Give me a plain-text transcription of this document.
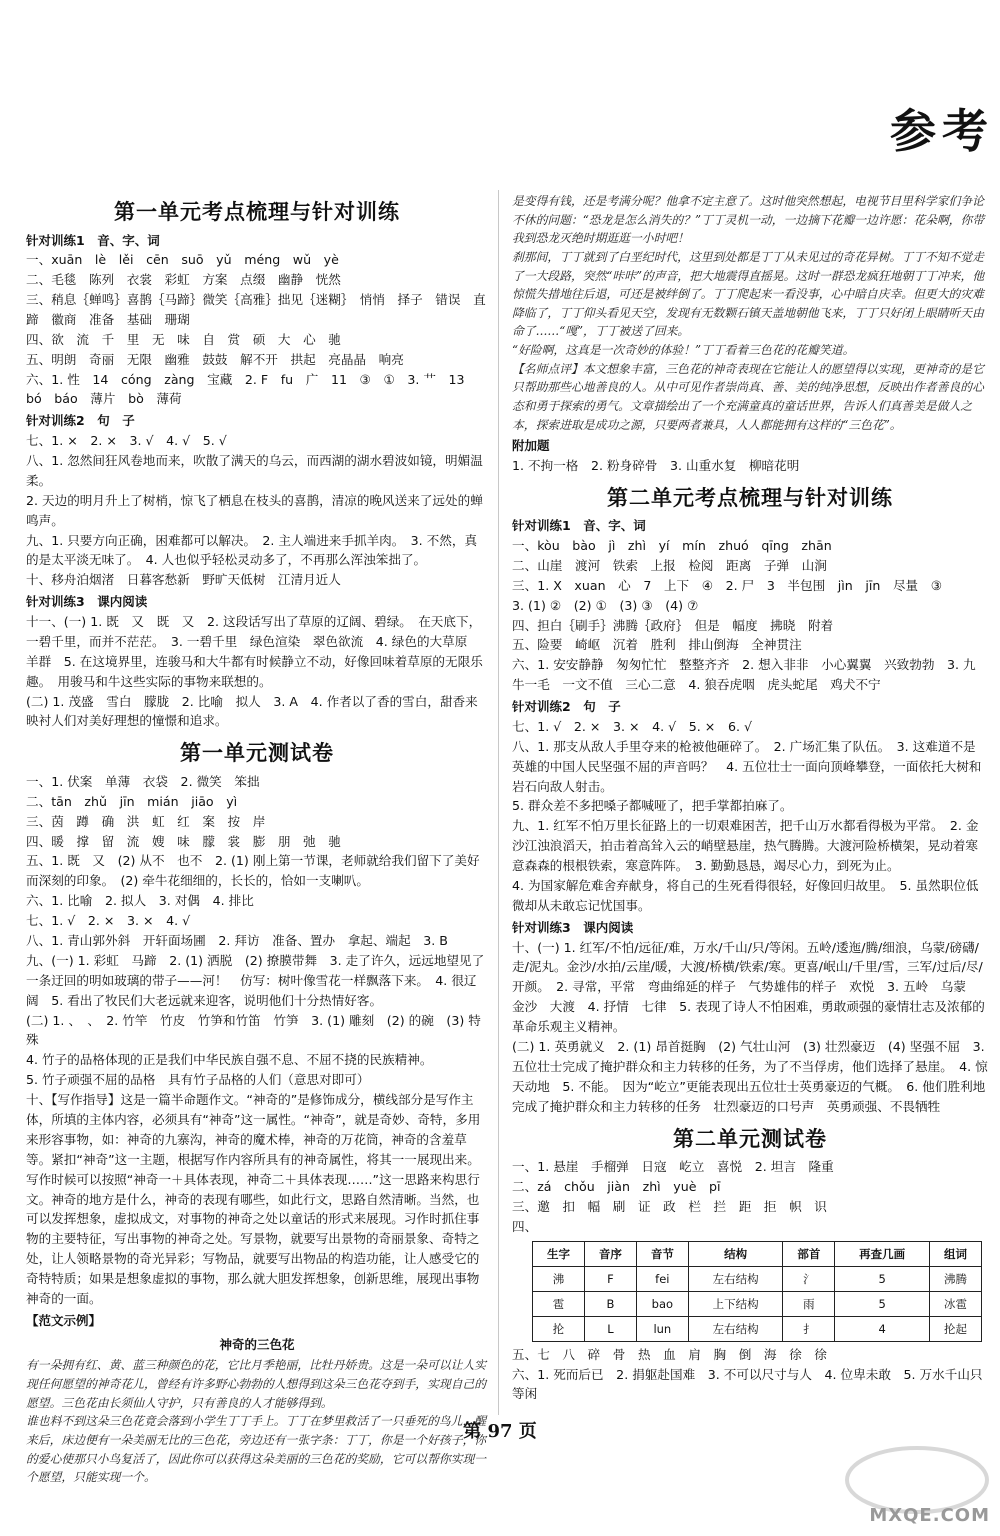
参考
第一单元考点梳理与针对训练
针对训练1　音、字、词
一、xuān　lè　lěi　cēn　suō　yǔ　méng　wǔ　yè
二、毛毯　陈列　衣裳　彩虹　方案　点缀　幽静　恍然
三、稍息｛蝉鸣｝喜鹊｛马蹄｝微笑｛高雅｝拙见｛迷糊｝　悄悄　择子　错误　直蹄　徽商　准备　基础　珊瑚
四、欲　流　千　里　无　味　自　赏　硕　大　心　驰
五、明朗　奇丽　无限　幽雅　鼓鼓　解不开　拱起　亮晶晶　响亮
六、1. 性　14　cóng　zàng　宝藏　2. F　fu　广　11　③　①　3. 艹　13　bó　báo　薄片　bò　薄荷
针对训练2　句　子
七、1. ×　2. ×　3. √　4. √　5. √
八、1. 忽然间狂风卷地而来，吹散了满天的乌云，而西湖的湖水碧波如镜，明媚温柔。
2. 天边的明月升上了树梢，惊飞了栖息在枝头的喜鹊，清凉的晚风送来了远处的蝉鸣声。
九、1. 只要方向正确，困难都可以解决。　2. 主人端进来手抓羊肉。　3. 不然，真的是太平淡无味了。　4. 人也似乎轻松灵动多了，不再那么浑浊笨拙了。
十、移舟泊烟渚　日暮客愁新　野旷天低树　江清月近人
针对训练3　课内阅读
十一、(一) 1. 既　又　既　又　2. 这段话写出了草原的辽阔、碧绿。　在天底下，一碧千里，而并不茫茫。　3. 一碧千里　绿色渲染　翠色欲流　4. 绿色的大草原　羊群　5. 在这境界里，连骏马和大牛都有时候静立不动，好像回味着草原的无限乐趣。　用骏马和牛这些实际的事物来联想的。
(二) 1. 茂盛　雪白　朦胧　2. 比喻　拟人　3. A　4. 作者以了香的雪白，甜香来映衬人们对美好理想的憧憬和追求。
第一单元测试卷
一、1. 伏案　单薄　衣袋　2. 微笑　笨拙
二、tān　zhǔ　jīn　mián　jiāo　yì
三、茵　蹲　确　洪　虹　红　案　按　岸
四、暖　撑　留　流　嫂　味　朦　裳　膨　朋　弛　驰
五、1. 既　又　(2) 从不　也不　2. (1) 刚上第一节课，老师就给我们留下了美好而深刻的印象。　(2) 牵牛花细细的，长长的，恰如一支喇叭。
六、1. 比喻　2. 拟人　3. 对偶　4. 排比
七、1. √　2. ×　3. ×　4. √
八、1. 青山郭外斜　开轩面场圃　2. 拜访　准备、置办　拿起、端起　3. B
九、(一) 1. 彩虹　马蹄　2. (1) 洒脱　(2) 撩膜带舞　3. 走了许久，远远地望见了一条迂回的明如玻璃的带子——河！　仿写：树叶像雪花一样飘落下来。　4. 很辽阔　5. 看出了牧民们大老远就来迎客，说明他们十分热情好客。
(二) 1. 、　、　2. 竹竿　竹皮　竹笋和竹笛　竹笋　3. (1) 雕刻　(2) 的碗　(3) 特殊
4. 竹子的品格体现的正是我们中华民族自强不息、不屈不挠的民族精神。
5. 竹子顽强不屈的品格　具有竹子品格的人们（意思对即可）
十、【写作指导】这是一篇半命题作文。“神奇的”是修饰成分，横线部分是写作主体，所填的主体内容，必须具有“神奇”这一属性。“神奇”，就是奇妙、奇特，多用来形容事物，如：神奇的九寨沟，神奇的魔术棒，神奇的万花筒，神奇的含羞草等。紧扣“神奇”这一主题，根据写作内容所具有的神奇属性，将其一一展现出来。写作时候可以按照“神奇一＋具体表现，神奇二＋具体表现……”这一思路来构思行文。神奇的地方是什么，神奇的表现有哪些，如此行文，思路自然清晰。当然，也可以发挥想象，虚拟成文，对事物的神奇之处以童话的形式来展现。习作时抓住事物的主要特征，写出事物的神奇之处。写景物，就要写出景物的奇丽景象、奇特之处，让人领略景物的奇光异彩；写物品，就要写出物品的构造功能，让人感受它的奇特特质；如果是想象虚拟的事物，那么就大胆发挥想象，创新思维，展现出事物神奇的一面。
【范文示例】
神奇的三色花
有一朵拥有红、黄、蓝三种颜色的花，它比月季艳丽，比牡丹娇贵。这是一朵可以让人实现任何愿望的神奇花儿，曾经有许多野心勃勃的人想得到这朵三色花夺到手，实现自己的愿望。三色花由长须仙人守护，只有善良的人才能够得到。
谁也料不到这朵三色花竟会落到小学生丁丁手上。丁丁在梦里救活了一只垂死的鸟儿，醒来后，床边便有一朵美丽无比的三色花，旁边还有一张字条：丁丁，你是一个好孩子，你的爱心使那只小鸟复活了，因此你可以获得这朵美丽的三色花的奖励，它可以帮你实现一个愿望，只能实现一个。
是变得有钱，还是考满分呢？他拿不定主意了。这时他突然想起，电视节目里科学家们争论不休的问题：“恐龙是怎么消失的？”丁丁灵机一动，一边摘下花瓣一边许愿：花朵啊，你带我到恐龙灭绝时期逛逛一小时吧！
刹那间，丁丁就到了白垩纪时代，这里到处都是丁丁从未见过的奇花异树。丁丁不知不觉走了一大段路，突然“咔咔”的声音，把大地震得直摇晃。这时一群恐龙疯狂地朝丁丁冲来，他惊慌失措地往后退，可还是被绊倒了。丁丁爬起来一看没事，心中暗自庆幸。但更大的灾难降临了，丁丁仰头看见天空，发现有无数颗石镇天盖地朝他飞来，丁丁只好闭上眼睛听天由命了……“嘎”，丁丁被送了回来。
“好险啊，这真是一次奇妙的体验！”丁丁看着三色花的花瓣笑道。
【名师点评】本文想象丰富，三色花的神奇表现在它能让人的愿望得以实现，更神奇的是它只帮助那些心地善良的人。从中可见作者崇尚真、善、美的纯净思想，反映出作者善良的心态和勇于探索的勇气。文章描绘出了一个充满童真的童话世界，告诉人们真善美是做人之本，探索进取是成功之源，只要两者兼具，人人都能拥有这样的“三色花”。
附加题
1. 不拘一格　2. 粉身碎骨　3. 山重水复　柳暗花明
第二单元考点梳理与针对训练
针对训练1　音、字、词
一、kòu　bào　jì　zhì　yí　mín　zhuó　qīng　zhān
二、山崖　渡河　铁索　上报　检阅　距离　子弹　山涧
三、1. X　xuan　心　7　上下　④　2. 尸　3　半包围　jìn　jīn　尽量　③
3. (1) ②　(2) ①　(3) ③　(4) ⑦
四、担白｛刷手｝沸腾｛政府｝　但是　幅度　拂晓　附着
五、险要　崎岖　沉着　胜利　排山倒海　全神贯注
六、1. 安安静静　匆匆忙忙　整整齐齐　2. 想入非非　小心翼翼　兴致勃勃　3. 九牛一毛　一文不值　三心二意　4. 狼吞虎咽　虎头蛇尾　鸡犬不宁
针对训练2　句　子
七、1. √　2. ×　3. ×　4. √　5. ×　6. √
八、1. 那支从敌人手里夺来的枪被他砸碎了。　2. 广场汇集了队伍。　3. 这难道不是英雄的中国人民坚强不屈的声音吗？　4. 五位壮士一面向顶峰攀登，一面依托大树和岩石向敌人射击。
5. 群众差不多把嗓子都喊哑了，把手掌都拍麻了。
九、1. 红军不怕万里长征路上的一切艰难困苦，把千山万水都看得极为平常。　2. 金沙江浊浪滔天，拍击着高耸入云的峭壁悬崖，热气腾腾。大渡河险桥横架，晃动着寒意森森的根根铁索，寒意阵阵。　3. 勤勤恳恳，竭尽心力，到死为止。
4. 为国家解危难舍弃献身，将自己的生死看得很轻，好像回归故里。　5. 虽然职位低微却从未敢忘记忧国事。
针对训练3　课内阅读
十、(一) 1. 红军/不怕/远征/难，万水/千山/只/等闲。五岭/逶迤/腾/细浪，乌蒙/磅礴/走/泥丸。金沙/水拍/云崖/暖，大渡/桥横/铁索/寒。更喜/岷山/千里/雪，三军/过后/尽/开颜。　2. 寻常，平常　弯曲绵延的样子　气势雄伟的样子　欢悦　3. 五岭　乌蒙　金沙　大渡　4. 抒情　七律　5. 表现了诗人不怕困难，勇敢顽强的豪情壮志及浓郁的革命乐观主义精神。
(二) 1. 英勇就义　2. (1) 昂首挺胸　(2) 气壮山河　(3) 壮烈豪迈　(4) 坚强不屈　3. 五位壮士完成了掩护群众和主力转移的任务，为了不当俘虏，他们选择了悬崖。　4. 惊天动地　5. 不能。　因为“屹立”更能表现出五位壮士英勇豪迈的气概。　6. 他们胜利地完成了掩护群众和主力转移的任务　壮烈豪迈的口号声　英勇顽强、不畏牺牲
第二单元测试卷
一、1. 悬崖　手榴弹　日寇　屹立　喜悦　2. 坦言　隆重
二、zá　chǒu　jiàn　zhì　yuè　pī
三、邀　扣　幅　刷　证　政　栏　拦　距　拒　帜　识
四、
生字	音序	音节	结构	部首	再查几画	组词
沸	F	fei	左右结构	氵	5	沸腾
雹	B	bao	上下结构	雨	5	冰雹
抡	L	lun	左右结构	扌	4	抡起
五、七　八　碎　骨　热　血　肩　胸　倒　海　徐　徐
六、1. 死而后已　2. 捐躯赴国难　3. 不可以尺寸与人　4. 位卑未敢　5. 万水千山只等闲
第 97 页
MXQE.COM
